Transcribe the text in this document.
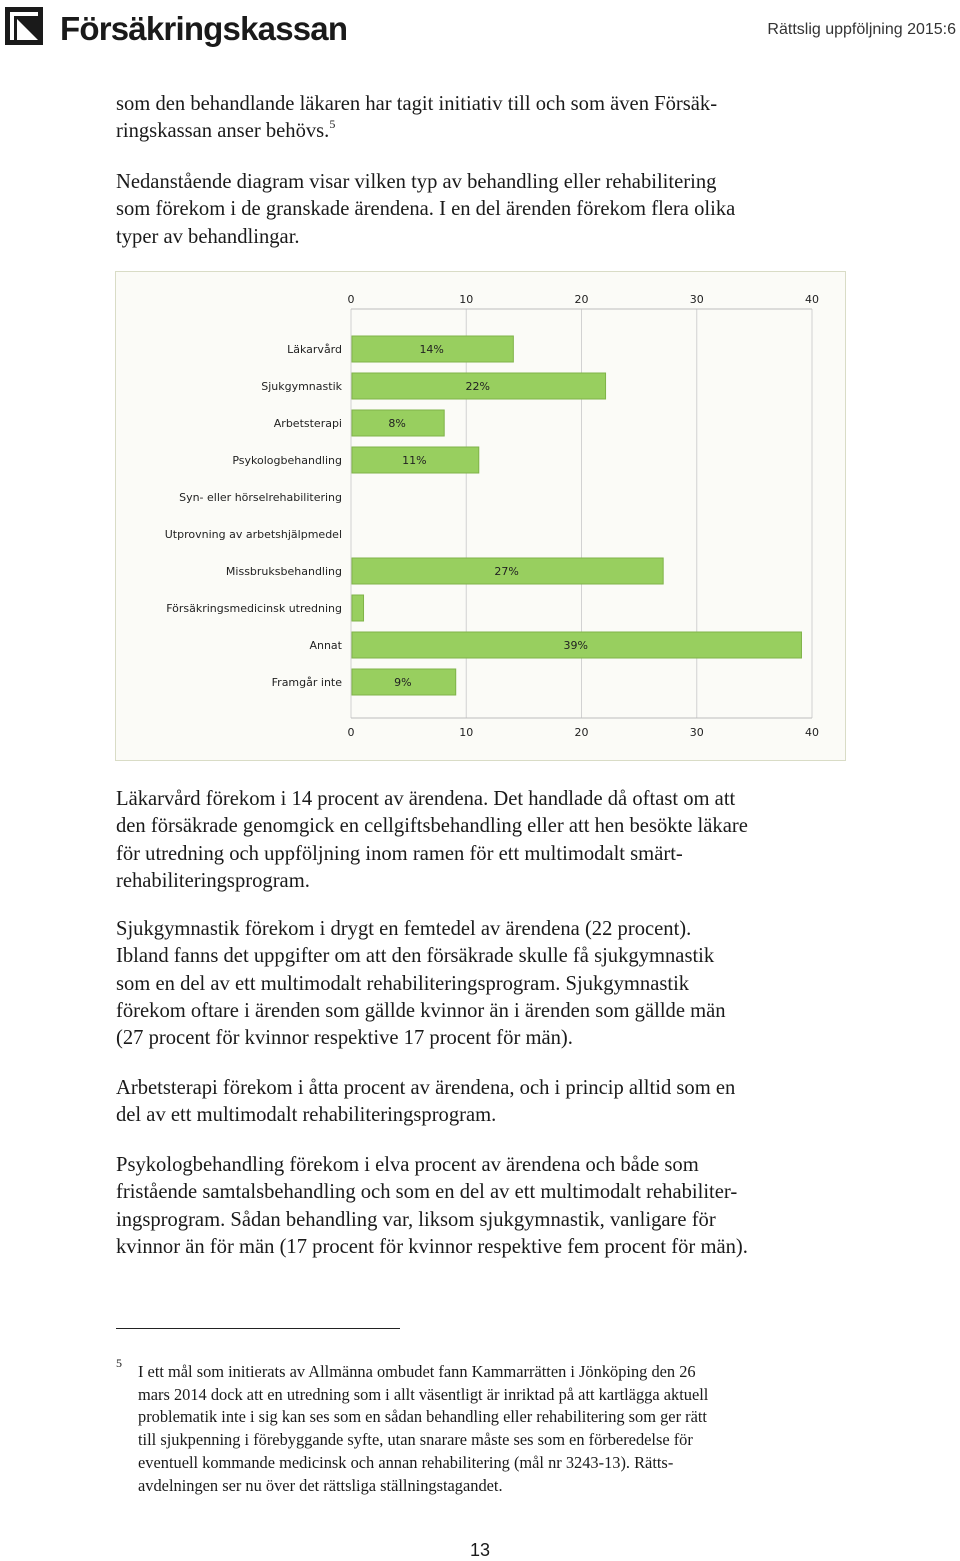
Försäkringskassan	Rättslig uppföljning 2015:6

som den behandlande läkaren har tagit initiativ till och som även Försäk-
ringskassan anser behövs.$^5$

Nedanstående diagram visar vilken typ av behandling eller rehabilitering
som förekom i de granskade ärendena. I en del ärenden förekom flera olika
typer av behandlingar.

0
0
10
10
20
20
30
30
40
40
Läkarvård	14%
Sjukgymnastik	22%
Arbetsterapi	8%
Psykologbehandling	11%
Syn- eller hörselrehabilitering
Utprovning av arbetshjälpmedel
Missbruksbehandling	27%
Försäkringsmedicinsk utredning
Annat	39%
Framgår inte	9%

Läkarvård förekom i 14 procent av ärendena. Det handlade då oftast om att
den försäkrade genomgick en cellgiftsbehandling eller att hen besökte läkare
för utredning och uppföljning inom ramen för ett multimodalt smärt-
rehabiliteringsprogram.

Sjukgymnastik förekom i drygt en femtedel av ärendena (22 procent).
Ibland fanns det uppgifter om att den försäkrade skulle få sjukgymnastik
som en del av ett multimodalt rehabiliteringsprogram. Sjukgymnastik
förekom oftare i ärenden som gällde kvinnor än i ärenden som gällde män
(27 procent för kvinnor respektive 17 procent för män).

Arbetsterapi förekom i åtta procent av ärendena, och i princip alltid som en
del av ett multimodalt rehabiliteringsprogram.

Psykologbehandling förekom i elva procent av ärendena och både som
fristående samtalsbehandling och som en del av ett multimodalt rehabiliter-
ingsprogram. Sådan behandling var, liksom sjukgymnastik, vanligare för
kvinnor än för män (17 procent för kvinnor respektive fem procent för män).

5 I ett mål som initierats av Allmänna ombudet fann Kammarrätten i Jönköping den 26
mars 2014 dock att en utredning som i allt väsentligt är inriktad på att kartlägga aktuell
problematik inte i sig kan ses som en sådan behandling eller rehabilitering som ger rätt
till sjukpenning i förebyggande syfte, utan snarare måste ses som en förberedelse för
eventuell kommande medicinsk och annan rehabilitering (mål nr 3243-13). Rätts-
avdelningen ser nu över det rättsliga ställningstagandet.

13
